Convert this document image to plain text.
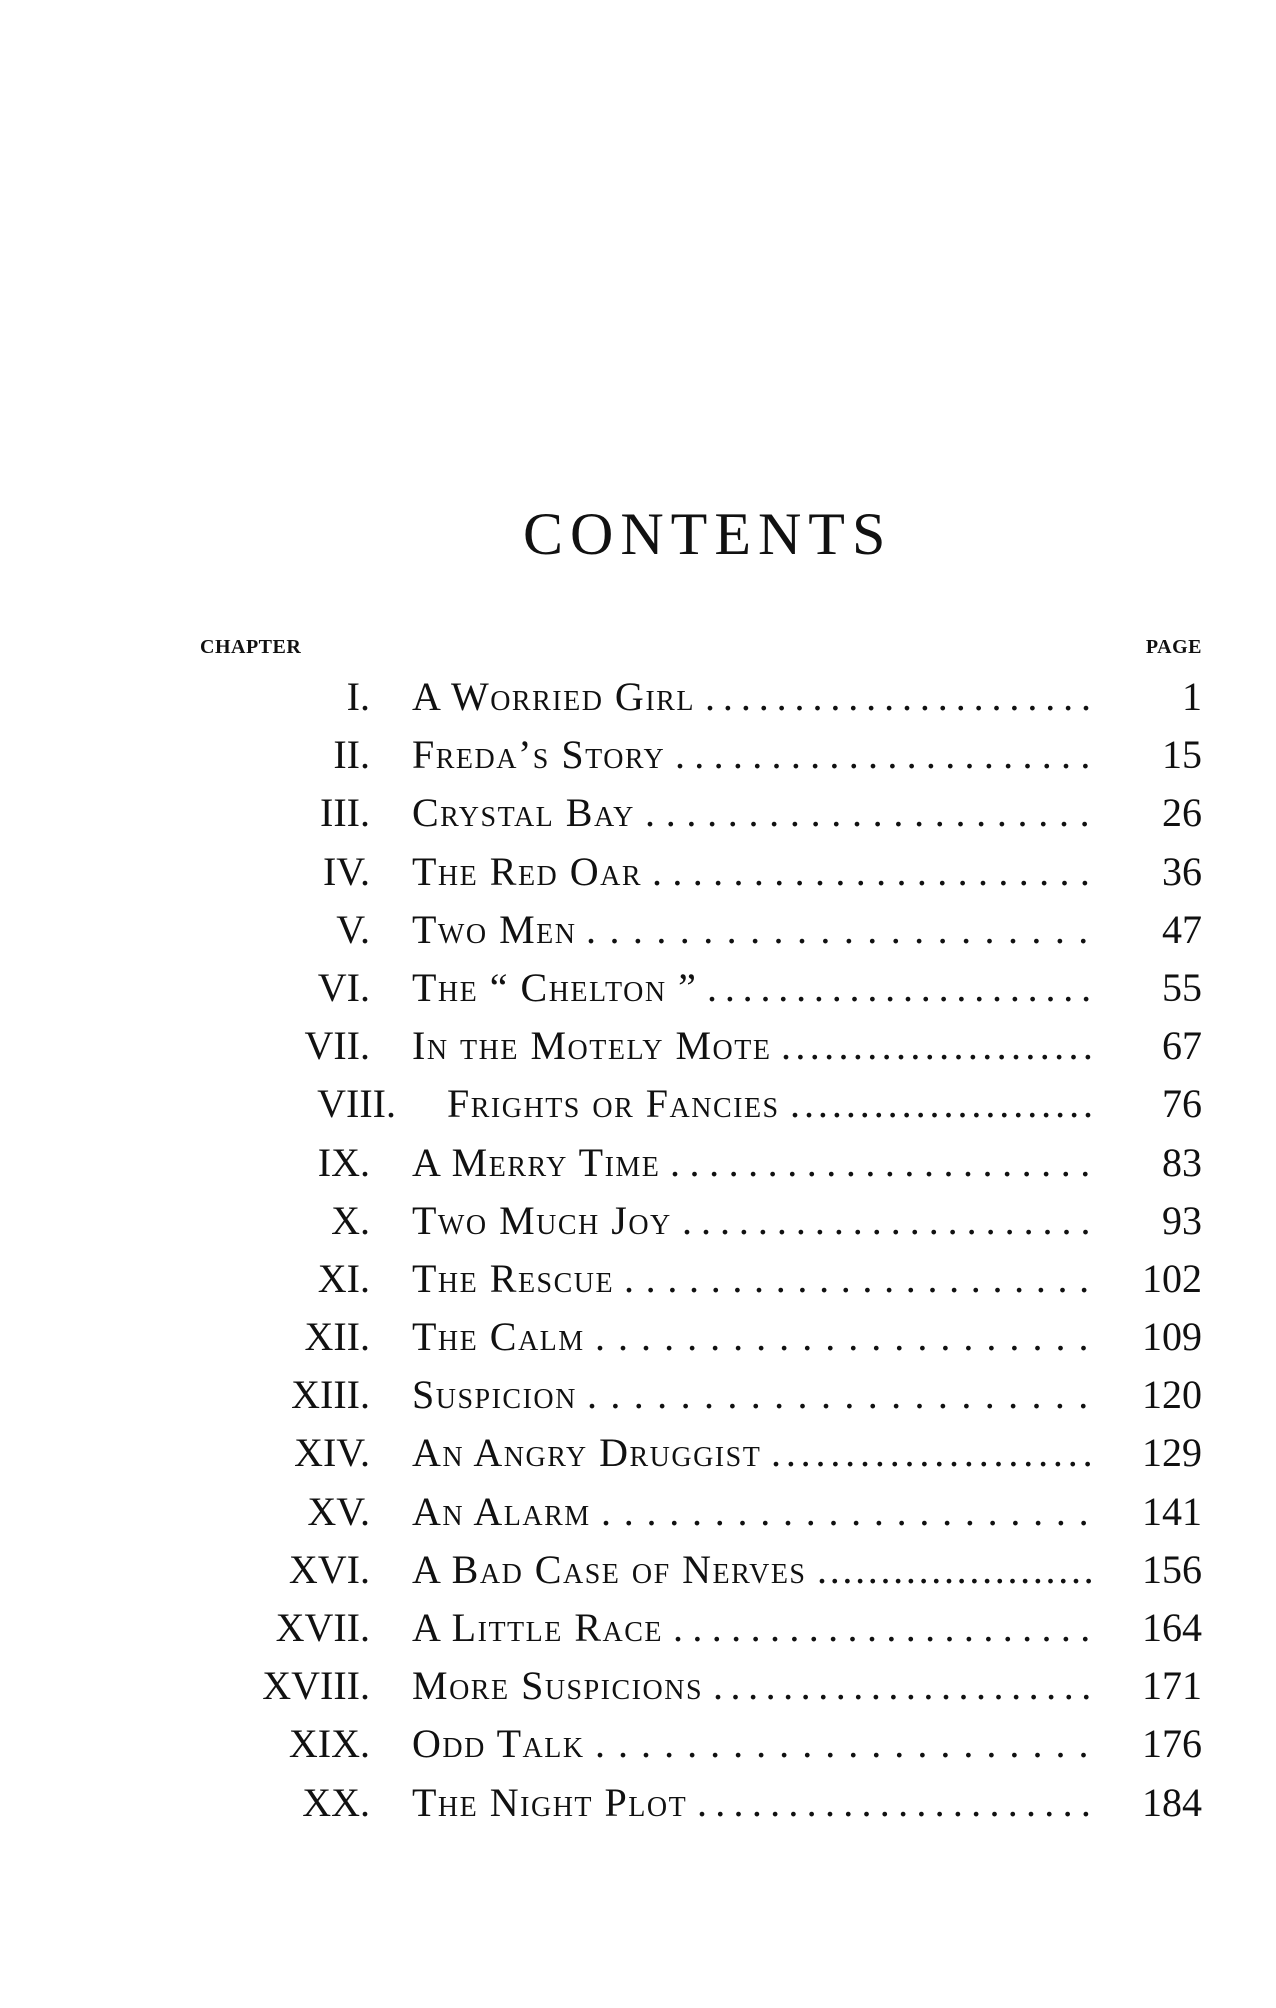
CONTENTS
CHAPTER	PAGE
I. A Worried Girl . . . . . . . . . . . . . . . . . . . . . . 1
II. Freda’s Story . . . . . . . . . . . . . . . . . . . . . . 15
III. Crystal Bay . . . . . . . . . . . . . . . . . . . . . . 26
IV. The Red Oar . . . . . . . . . . . . . . . . . . . . . . 36
V. Two Men . . . . . . . . . . . . . . . . . . . . . . 47
VI. The “ Chelton ” . . . . . . . . . . . . . . . . . . . . . . 55
VII. In the Motely Mote . . . . . . . . . . . . . . . . . . . . . . 67
VIII. Frights or Fancies . . . . . . . . . . . . . . . . . . . . . . 76
IX. A Merry Time . . . . . . . . . . . . . . . . . . . . . . 83
X. Two Much Joy . . . . . . . . . . . . . . . . . . . . . . 93
XI. The Rescue . . . . . . . . . . . . . . . . . . . . . . 102
XII. The Calm . . . . . . . . . . . . . . . . . . . . . . 109
XIII. Suspicion . . . . . . . . . . . . . . . . . . . . . . 120
XIV. An Angry Druggist . . . . . . . . . . . . . . . . . . . . . . 129
XV. An Alarm . . . . . . . . . . . . . . . . . . . . . . 141
XVI. A Bad Case of Nerves . . . . . . . . . . . . . . . . . . . . . . 156
XVII. A Little Race . . . . . . . . . . . . . . . . . . . . . . 164
XVIII. More Suspicions . . . . . . . . . . . . . . . . . . . . . . 171
XIX. Odd Talk . . . . . . . . . . . . . . . . . . . . . . 176
XX. The Night Plot . . . . . . . . . . . . . . . . . . . . . . 184
